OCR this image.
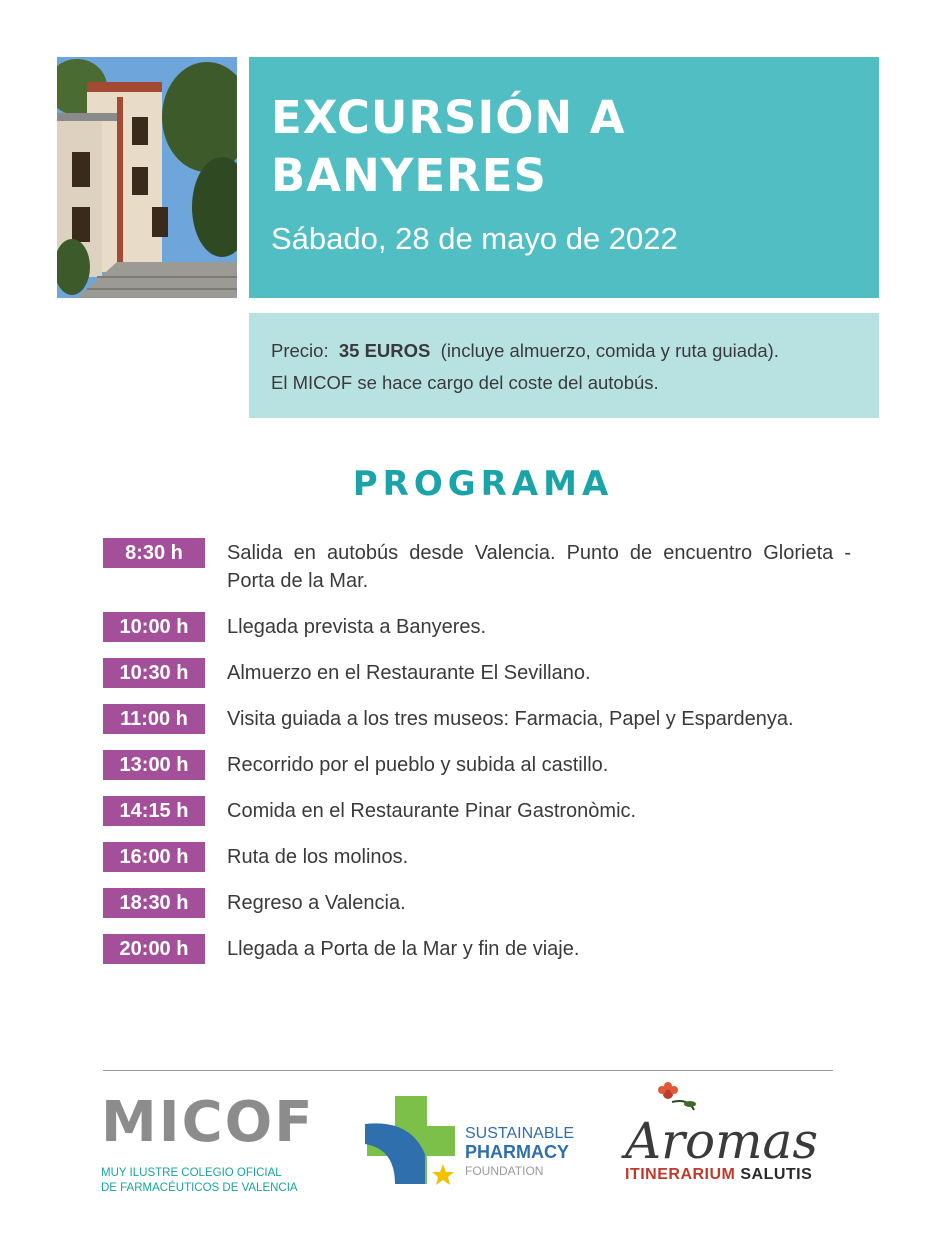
EXCURSIÓN A
BANYERES
Sábado, 28 de mayo de 2022
Precio: 35 EUROS (incluye almuerzo, comida y ruta guiada).
El MICOF se hace cargo del coste del autobús.
PROGRAMA
8:30 h	Salida en autobús desde Valencia. Punto de encuentro Glorieta - Porta de la Mar.
10:00 h	Llegada prevista a Banyeres.
10:30 h	Almuerzo en el Restaurante El Sevillano.
11:00 h	Visita guiada a los tres museos: Farmacia, Papel y Espardenya.
13:00 h	Recorrido por el pueblo y subida al castillo.
14:15 h	Comida en el Restaurante Pinar Gastronòmic.
16:00 h	Ruta de los molinos.
18:30 h	Regreso a Valencia.
20:00 h	Llegada a Porta de la Mar y fin de viaje.
MICOF
MUY ILUSTRE COLEGIO OFICIAL
DE FARMACÉUTICOS DE VALENCIA
SUSTAINABLE
PHARMACY
FOUNDATION
Aromas
ITINERARIUM SALUTIS
